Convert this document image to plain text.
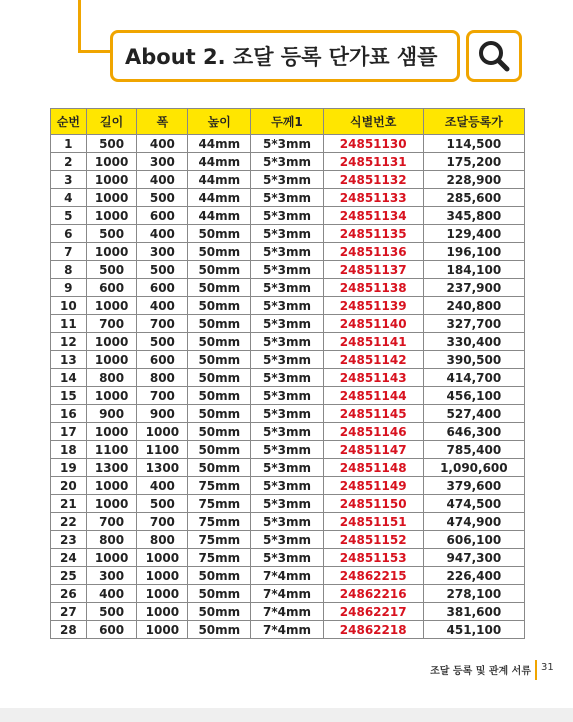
About 2. 조달 등록 단가표 샘플
순번	길이	폭	높이	두께1	식별번호	조달등록가
1	500	400	44mm	5*3mm	24851130	114,500
2	1000	300	44mm	5*3mm	24851131	175,200
3	1000	400	44mm	5*3mm	24851132	228,900
4	1000	500	44mm	5*3mm	24851133	285,600
5	1000	600	44mm	5*3mm	24851134	345,800
6	500	400	50mm	5*3mm	24851135	129,400
7	1000	300	50mm	5*3mm	24851136	196,100
8	500	500	50mm	5*3mm	24851137	184,100
9	600	600	50mm	5*3mm	24851138	237,900
10	1000	400	50mm	5*3mm	24851139	240,800
11	700	700	50mm	5*3mm	24851140	327,700
12	1000	500	50mm	5*3mm	24851141	330,400
13	1000	600	50mm	5*3mm	24851142	390,500
14	800	800	50mm	5*3mm	24851143	414,700
15	1000	700	50mm	5*3mm	24851144	456,100
16	900	900	50mm	5*3mm	24851145	527,400
17	1000	1000	50mm	5*3mm	24851146	646,300
18	1100	1100	50mm	5*3mm	24851147	785,400
19	1300	1300	50mm	5*3mm	24851148	1,090,600
20	1000	400	75mm	5*3mm	24851149	379,600
21	1000	500	75mm	5*3mm	24851150	474,500
22	700	700	75mm	5*3mm	24851151	474,900
23	800	800	75mm	5*3mm	24851152	606,100
24	1000	1000	75mm	5*3mm	24851153	947,300
25	300	1000	50mm	7*4mm	24862215	226,400
26	400	1000	50mm	7*4mm	24862216	278,100
27	500	1000	50mm	7*4mm	24862217	381,600
28	600	1000	50mm	7*4mm	24862218	451,100
조달 등록 및 관계 서류 31
